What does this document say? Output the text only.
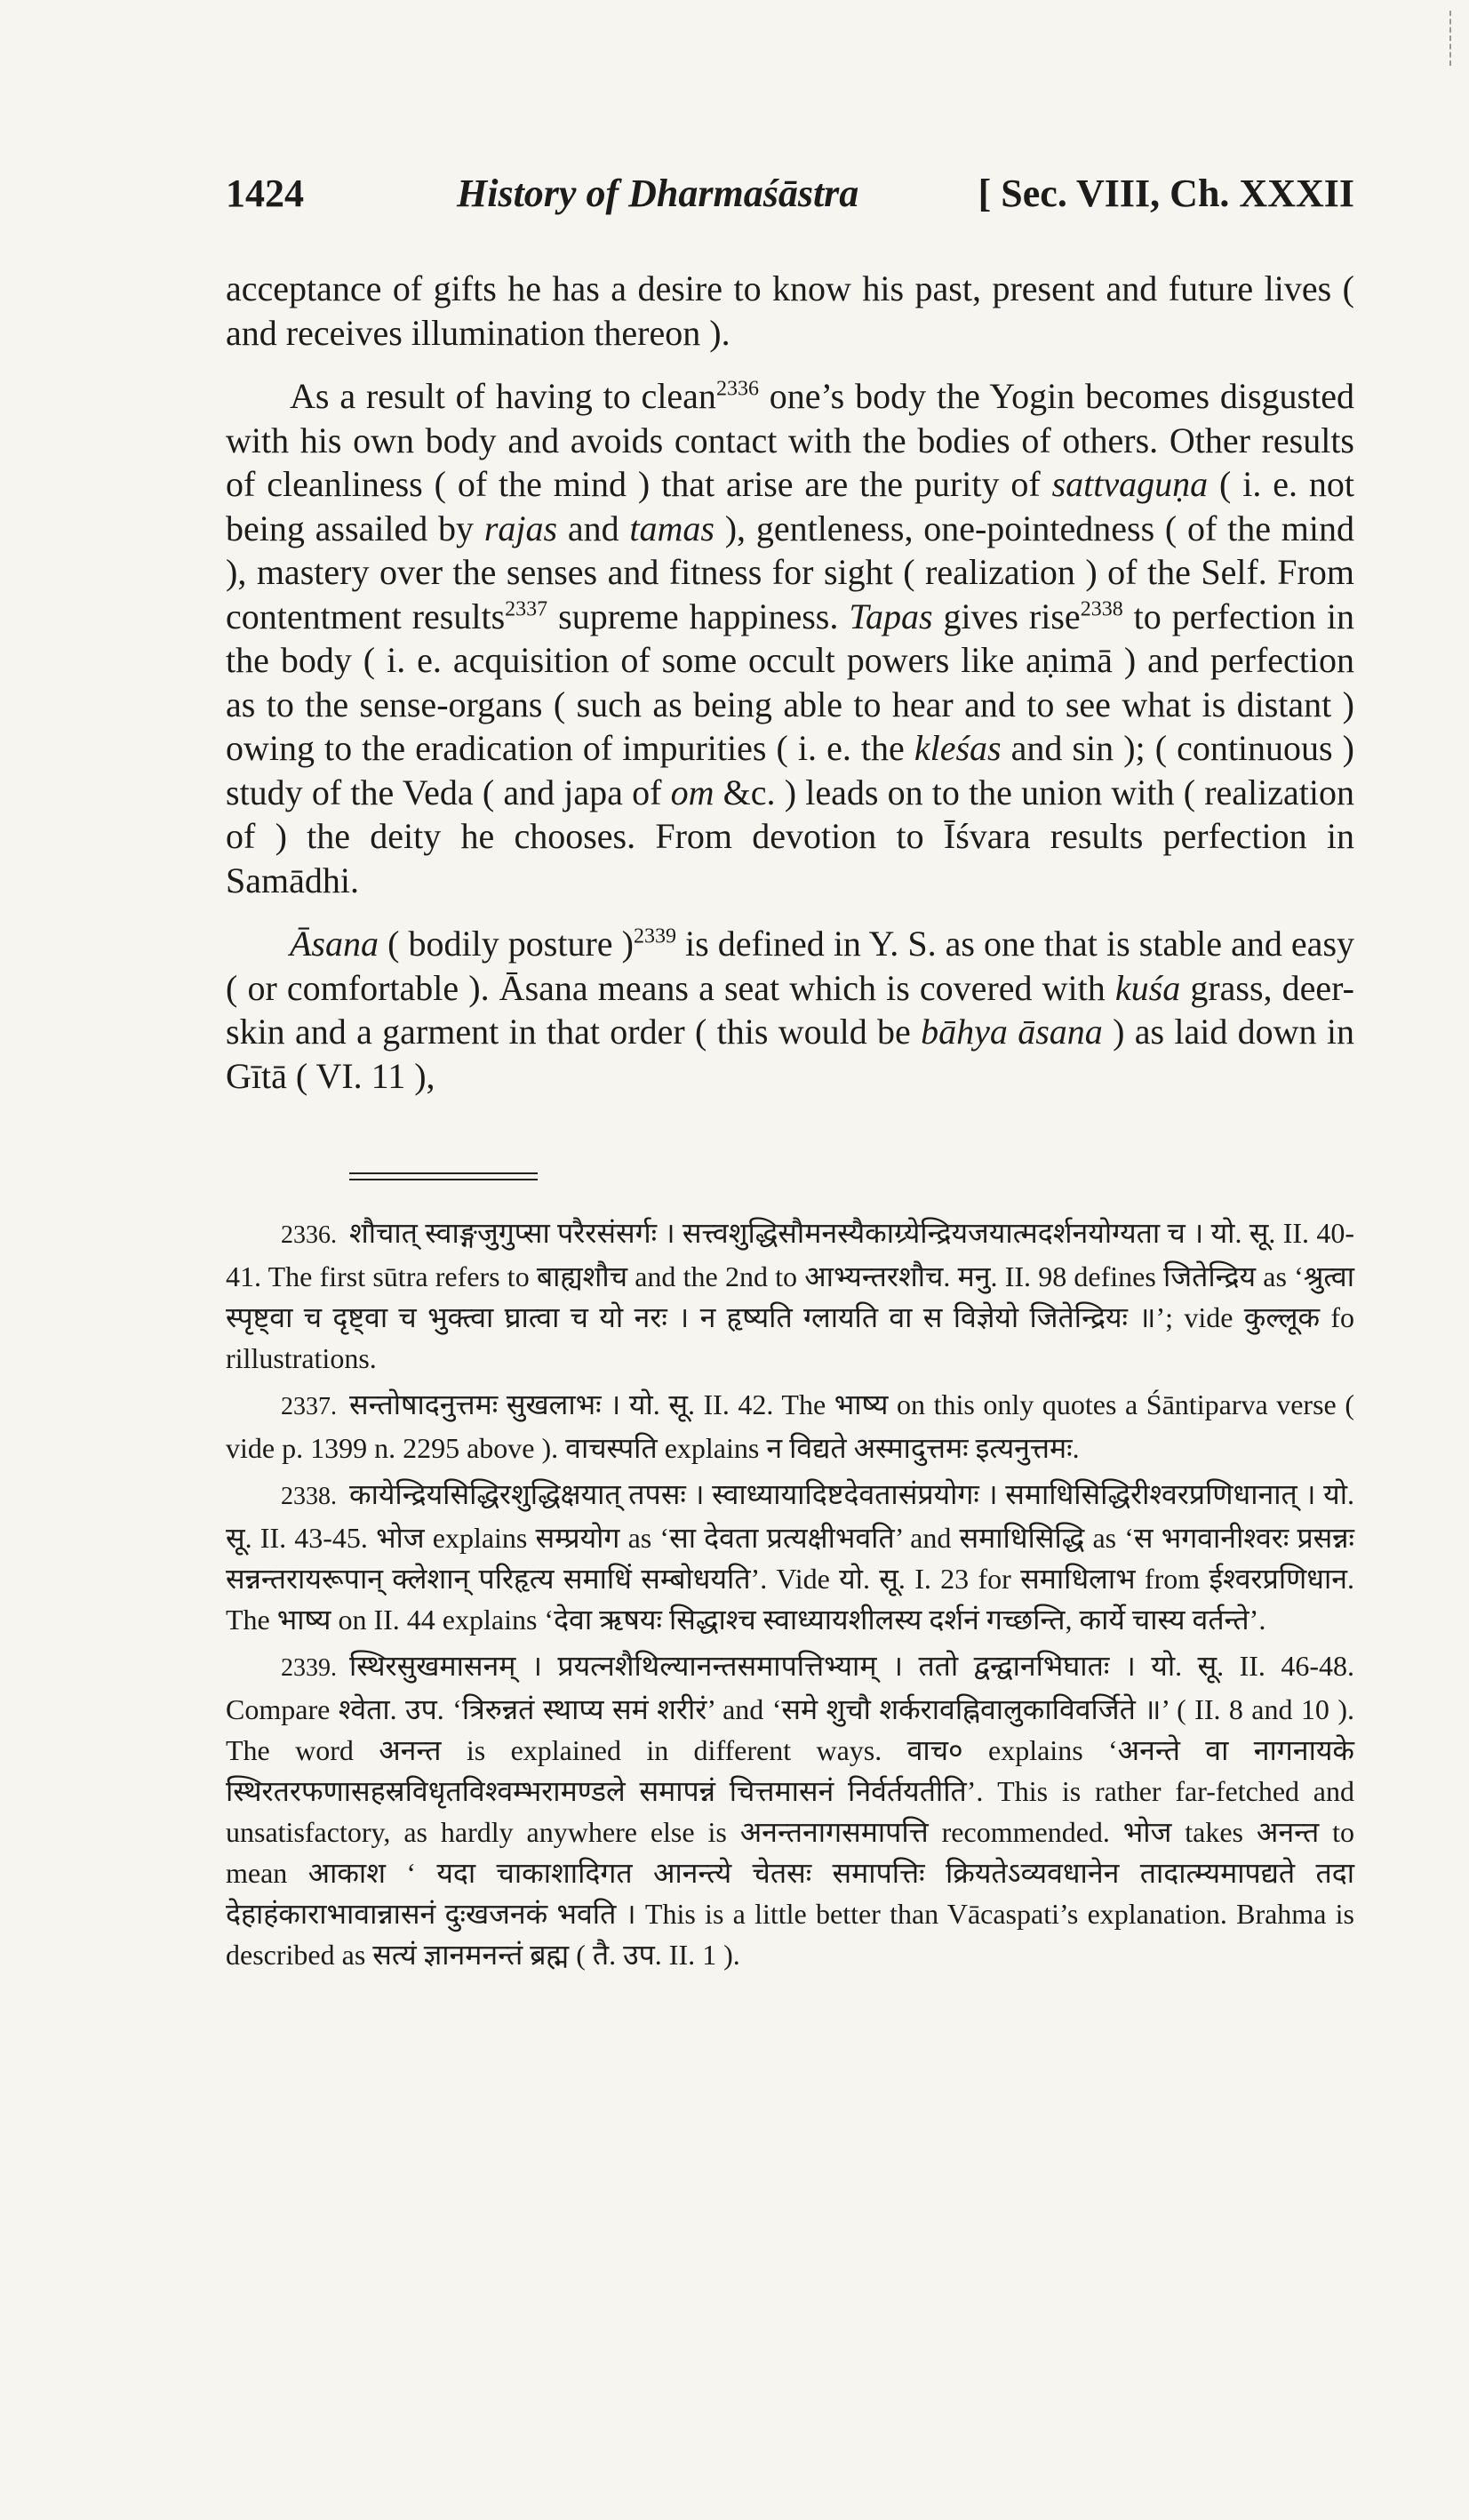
1424	History of Dharmaśāstra	[ Sec. VIII, Ch. XXXII

acceptance of gifts he has a desire to know his past, present and future lives ( and receives illumination thereon ).

As a result of having to clean$^{2336}$ one’s body the Yogin becomes disgusted with his own body and avoids contact with the bodies of others. Other results of cleanliness ( of the mind ) that arise are the purity of sattvaguṇa ( i. e. not being assailed by rajas and tamas ), gentleness, one-pointedness ( of the mind ), mastery over the senses and fitness for sight ( realization ) of the Self. From contentment results$^{2337}$ supreme happiness. Tapas gives rise$^{2338}$ to perfection in the body ( i. e. acquisition of some occult powers like aṇimā ) and perfection as to the sense-organs ( such as being able to hear and to see what is distant ) owing to the eradication of impurities ( i. e. the kleśas and sin ); ( continuous ) study of the Veda ( and japa of om &c. ) leads on to the union with ( realization of ) the deity he chooses. From devotion to Īśvara results perfection in Samādhi.

Āsana ( bodily posture )$^{2339}$ is defined in Y. S. as one that is stable and easy ( or comfortable ). Āsana means a seat which is covered with kuśa grass, deer-skin and a garment in that order ( this would be bāhya āsana ) as laid down in Gītā ( VI. 11 ),

2336. शौचात् स्वाङ्गजुगुप्सा परैरसंसर्गः । सत्त्वशुद्धिसौमनस्यैकाग्र्येन्द्रियजयात्मदर्शनयोग्यता च । यो. सू. II. 40-41. The first sūtra refers to बाह्यशौच and the 2nd to आभ्यन्तरशौच. मनु. II. 98 defines जितेन्द्रिय as ‘श्रुत्वा स्पृष्ट्वा च दृष्ट्वा च भुक्त्वा घ्रात्वा च यो नरः । न हृष्यति ग्लायति वा स विज्ञेयो जितेन्द्रियः ॥’; vide कुल्लूक fo rillustrations.

2337. सन्तोषादनुत्तमः सुखलाभः । यो. सू. II. 42. The भाष्य on this only quotes a Śāntiparva verse ( vide p. 1399 n. 2295 above ). वाचस्पति explains न विद्यते अस्मादुत्तमः इत्यनुत्तमः.

2338. कायेन्द्रियसिद्धिरशुद्धिक्षयात् तपसः । स्वाध्यायादिष्टदेवतासंप्रयोगः । समाधिसिद्धिरीश्वरप्रणिधानात् । यो. सू. II. 43-45. भोज explains सम्प्रयोग as ‘सा देवता प्रत्यक्षीभवति’ and समाधिसिद्धि as ‘स भगवानीश्वरः प्रसन्नः सन्नन्तरायरूपान् क्लेशान् परिहृत्य समाधिं सम्बोधयति’. Vide यो. सू. I. 23 for समाधिलाभ from ईश्वरप्रणिधान. The भाष्य on II. 44 explains ‘देवा ऋषयः सिद्धाश्च स्वाध्यायशीलस्य दर्शनं गच्छन्ति, कार्ये चास्य वर्तन्ते’.

2339. स्थिरसुखमासनम् । प्रयत्नशैथिल्यानन्तसमापत्तिभ्याम् । ततो द्वन्द्वानभिघातः । यो. सू. II. 46-48. Compare श्वेता. उप. ‘त्रिरुन्नतं स्थाप्य समं शरीरं’ and ‘समे शुचौ शर्करावह्निवालुकाविवर्जिते ॥’ ( II. 8 and 10 ). The word अनन्त is explained in different ways. वाच० explains ‘अनन्ते वा नागनायके स्थिरतरफणासहस्रविधृतविश्वम्भरामण्डले समापन्नं चित्तमासनं निर्वर्तयतीति’. This is rather far-fetched and unsatisfactory, as hardly anywhere else is अनन्तनागसमापत्ति recommended. भोज takes अनन्त to mean आकाश ‘ यदा चाकाशादिगत आनन्त्ये चेतसः समापत्तिः क्रियतेऽव्यवधानेन तादात्म्यमापद्यते तदा देहाहंकाराभावान्नासनं दुःखजनकं भवति । This is a little better than Vācaspati’s explanation. Brahma is described as सत्यं ज्ञानमनन्तं ब्रह्म ( तै. उप. II. 1 ).
